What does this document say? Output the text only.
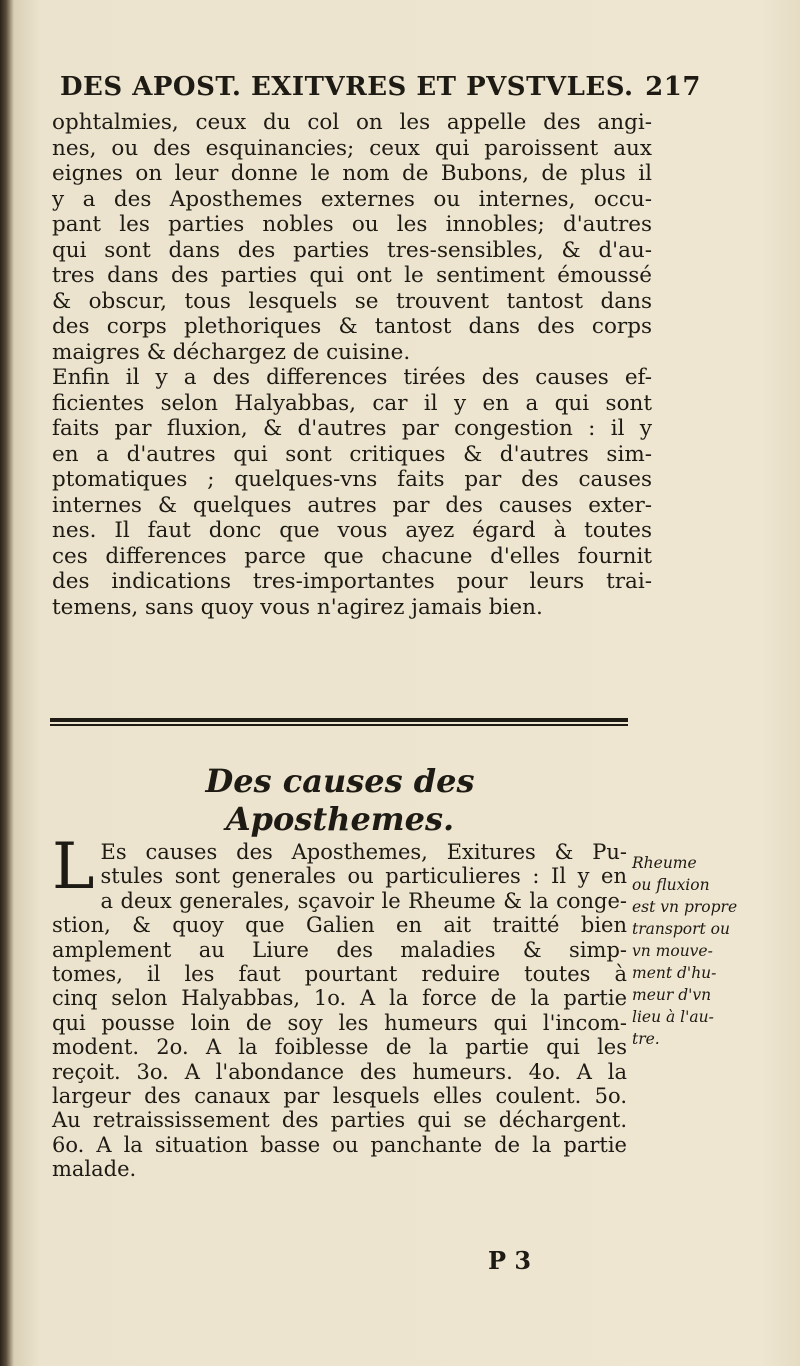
DES APOST. EXITVRES ET PVSTVLES. 217
ophtalmies, ceux du col on les appelle des angi-
nes, ou des esquinancies; ceux qui paroissent aux
eignes on leur donne le nom de Bubons, de plus il
y a des Aposthemes externes ou internes, occu-
pant les parties nobles ou les innobles; d'autres
qui sont dans des parties tres-sensibles, & d'au-
tres dans des parties qui ont le sentiment émoussé
& obscur, tous lesquels se trouvent tantost dans
des corps plethoriques & tantost dans des corps
maigres & déchargez de cuisine.
Enfin il y a des differences tirées des causes ef-
ficientes selon Halyabbas, car il y en a qui sont
faits par fluxion, & d'autres par congestion : il y
en a d'autres qui sont critiques & d'autres sim-
ptomatiques ; quelques-vns faits par des causes
internes & quelques autres par des causes exter-
nes. Il faut donc que vous ayez égard à toutes
ces differences parce que chacune d'elles fournit
des indications tres-importantes pour leurs trai-
temens, sans quoy vous n'agirez jamais bien.
Des causes des Aposthemes.
L Es causes des Aposthemes, Exitures & Pu-
stules sont generales ou particulieres : Il y en
a deux generales, sçavoir le Rheume & la conge-
stion, & quoy que Galien en ait traitté bien
amplement au Liure des maladies & simp-
tomes, il les faut pourtant reduire toutes à
cinq selon Halyabbas, 1o. A la force de la partie
qui pousse loin de soy les humeurs qui l'incom-
modent. 2o. A la foiblesse de la partie qui les
reçoit. 3o. A l'abondance des humeurs. 4o. A la
largeur des canaux par lesquels elles coulent. 5o.
Au retraississement des parties qui se déchargent.
6o. A la situation basse ou panchante de la partie
malade.
Rheume
ou fluxion
est vn propre
transport ou
vn mouve-
ment d'hu-
meur d'vn
lieu à l'au-
tre.
P 3
